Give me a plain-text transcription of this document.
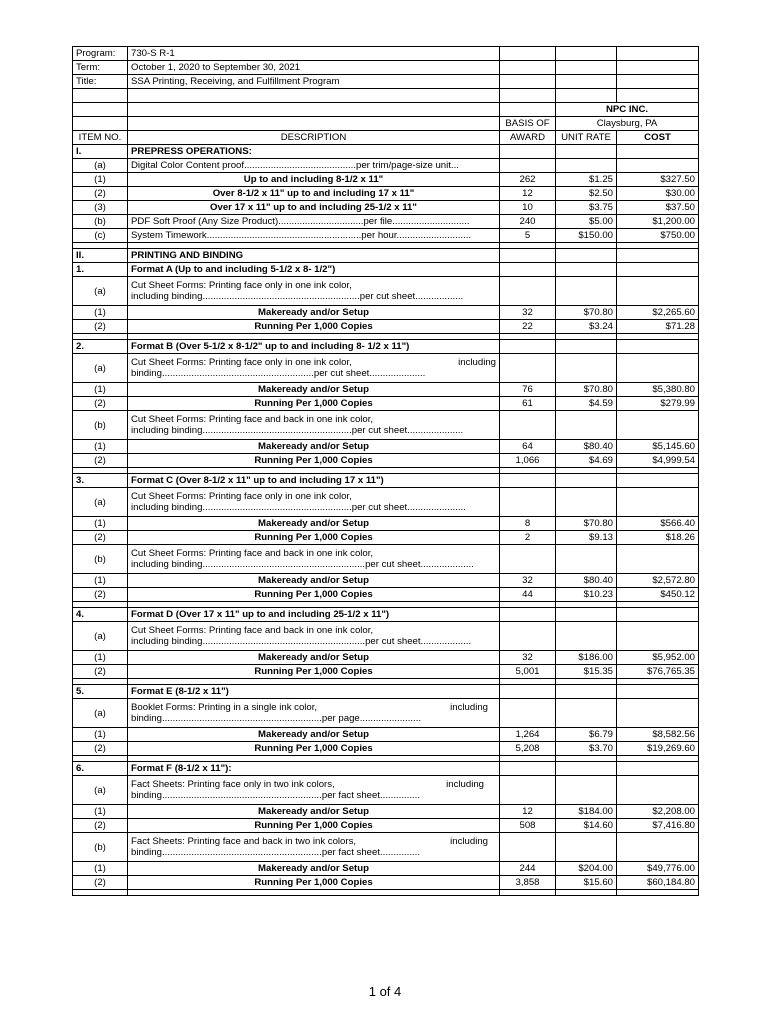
Program:	730-S R-1			
Term:	October 1, 2020 to September 30, 2021			
Title:	SSA Printing, Receiving, and Fulfillment Program			

			NPC INC.	
		BASIS OF	Claysburg, PA	
ITEM NO.	DESCRIPTION	AWARD	UNIT RATE	COST
I.	PREPRESS OPERATIONS:			
(a)	Digital Color Content proof..........................................per trim/page-size unit...			
(1)	Up to and including 8-1/2 x 11"	262	$1.25	$327.50
(2)	Over 8-1/2 x 11" up to and including 17 x 11"	12	$2.50	$30.00
(3)	Over 17 x 11" up to and including 25-1/2 x 11"	10	$3.75	$37.50
(b)	PDF Soft Proof (Any Size Product)................................per file.............................	240	$5.00	$1,200.00
(c)	System Timework..........................................................per hour............................	5	$150.00	$750.00

II.	PRINTING AND BINDING			
1.	Format A (Up to and including 5-1/2 x 8- 1/2")			
(a)	Cut Sheet Forms: Printing face only in one ink color,
including binding...........................................................per cut sheet..................			

(1)	Makeready and/or Setup	32	$70.80	$2,265.60
(2)	Running Per 1,000 Copies	22	$3.24	$71.28

2.	Format B (Over 5-1/2 x 8-1/2" up to and including 8- 1/2 x 11")			
(a)	Cut Sheet Forms: Printing face only in one ink color, including
binding.........................................................per cut sheet.....................			

(1)	Makeready and/or Setup	76	$70.80	$5,380.80
(2)	Running Per 1,000 Copies	61	$4.59	$279.99
(b)	Cut Sheet Forms: Printing face and back in one ink color,
including binding........................................................per cut sheet.....................			

(1)	Makeready and/or Setup	64	$80.40	$5,145.60
(2)	Running Per 1,000 Copies	1,066	$4.69	$4,999.54

3.	Format C (Over 8-1/2 x 11" up to and including 17 x 11")			
(a)	Cut Sheet Forms: Printing face only in one ink color,
including binding........................................................per cut sheet......................			

(1)	Makeready and/or Setup	8	$70.80	$566.40
(2)	Running Per 1,000 Copies	2	$9.13	$18.26
(b)	Cut Sheet Forms: Printing face and back in one ink color,
including binding.............................................................per cut sheet....................			

(1)	Makeready and/or Setup	32	$80.40	$2,572.80
(2)	Running Per 1,000 Copies	44	$10.23	$450.12

4.	Format D (Over 17 x 11" up to and including 25-1/2 x 11")			
(a)	Cut Sheet Forms: Printing face and back in one ink color,
including binding.............................................................per cut sheet...................			

(1)	Makeready and/or Setup	32	$186.00	$5,952.00
(2)	Running Per 1,000 Copies	5,001	$15.35	$76,765.35

5.	Format E (8-1/2 x 11")			
(a)	Booklet Forms: Printing in a single ink color, including
binding............................................................per page.......................			

(1)	Makeready and/or Setup	1,264	$6.79	$8,582.56
(2)	Running Per 1,000 Copies	5,208	$3.70	$19,269.60

6.	Format F (8-1/2 x 11"):			
(a)	Fact Sheets: Printing face only in two ink colors, including
binding............................................................per fact sheet...............			

(1)	Makeready and/or Setup	12	$184.00	$2,208.00
(2)	Running Per 1,000 Copies	508	$14.60	$7,416.80
(b)	Fact Sheets: Printing face and back in two ink colors, including
binding............................................................per fact sheet...............			

(1)	Makeready and/or Setup	244	$204.00	$49,776.00
(2)	Running Per 1,000 Copies	3,858	$15.60	$60,184.80

1 of 4
